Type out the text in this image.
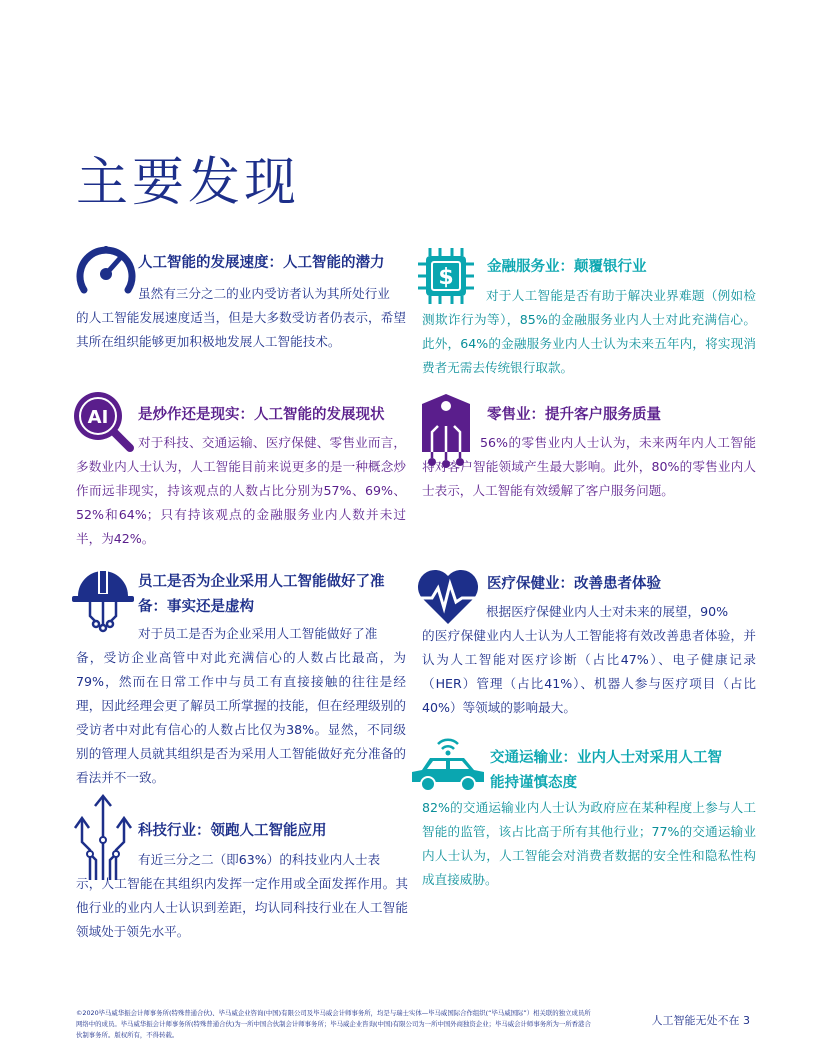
主要发现
人工智能的发展速度：人工智能的潜力
虽然有三分之二的业内受访者认为其所处行业
的人工智能发展速度适当，但是大多数受访者仍表示，希望其所在组织能够更加积极地发展人工智能技术。
$ 金融服务业：颠覆银行业
对于人工智能是否有助于解决业界难题（例如检测欺诈行为等），85%的金融服务业内人士对此充满信心。此外，64%的金融服务业内人士认为未来五年内，将实现消费者无需去传统银行取款。
AI 是炒作还是现实：人工智能的发展现状
对于科技、交通运输、医疗保健、零售业而言，多数业内人士认为，人工智能目前来说更多的是一种概念炒作而远非现实，持该观点的人数占比分别为57%、69%、52%和64%；只有持该观点的金融服务业内人数并未过半，为42%。
零售业：提升客户服务质量
56%的零售业内人士认为，未来两年内人工智能将对客户智能领域产生最大影响。此外，80%的零售业内人士表示，人工智能有效缓解了客户服务问题。
员工是否为企业采用人工智能做好了准
备：事实还是虚构
对于员工是否为企业采用人工智能做好了准
备，受访企业高管中对此充满信心的人数占比最高，为79%，然而在日常工作中与员工有直接接触的往往是经理，因此经理会更了解员工所掌握的技能，但在经理级别的受访者中对此有信心的人数占比仅为38%。显然，不同级别的管理人员就其组织是否为采用人工智能做好充分准备的看法并不一致。
医疗保健业：改善患者体验
根据医疗保健业内人士对未来的展望，90%
的医疗保健业内人士认为人工智能将有效改善患者体验，并认为人工智能对医疗诊断（占比47%）、电子健康记录（HER）管理（占比41%）、机器人参与医疗项目（占比40%）等领域的影响最大。
交通运输业：业内人士对采用人工智
能持谨慎态度
82%的交通运输业内人士认为政府应在某种程度上参与人工智能的监管，该占比高于所有其他行业；77%的交通运输业内人士认为，人工智能会对消费者数据的安全性和隐私性构成直接威胁。
科技行业：领跑人工智能应用
有近三分之二（即63%）的科技业内人士表
示，人工智能在其组织内发挥一定作用或全面发挥作用。其他行业的业内人士认识到差距，均认同科技行业在人工智能领域处于领先水平。
©2020毕马威华振会计师事务所(特殊普通合伙)、毕马威企业咨询(中国)有限公司及毕马威会计师事务所，均是与瑞士实体—毕马威国际合作组织(“毕马威国际”）相关联的独立成员所网络中的成员。毕马威华振会计师事务所(特殊普通合伙)为一所中国合伙制会计师事务所；毕马威企业咨询(中国)有限公司为一所中国外商独资企业；毕马威会计师事务所为一所香港合伙制事务所。版权所有，不得转载。
人工智能无处不在 3
